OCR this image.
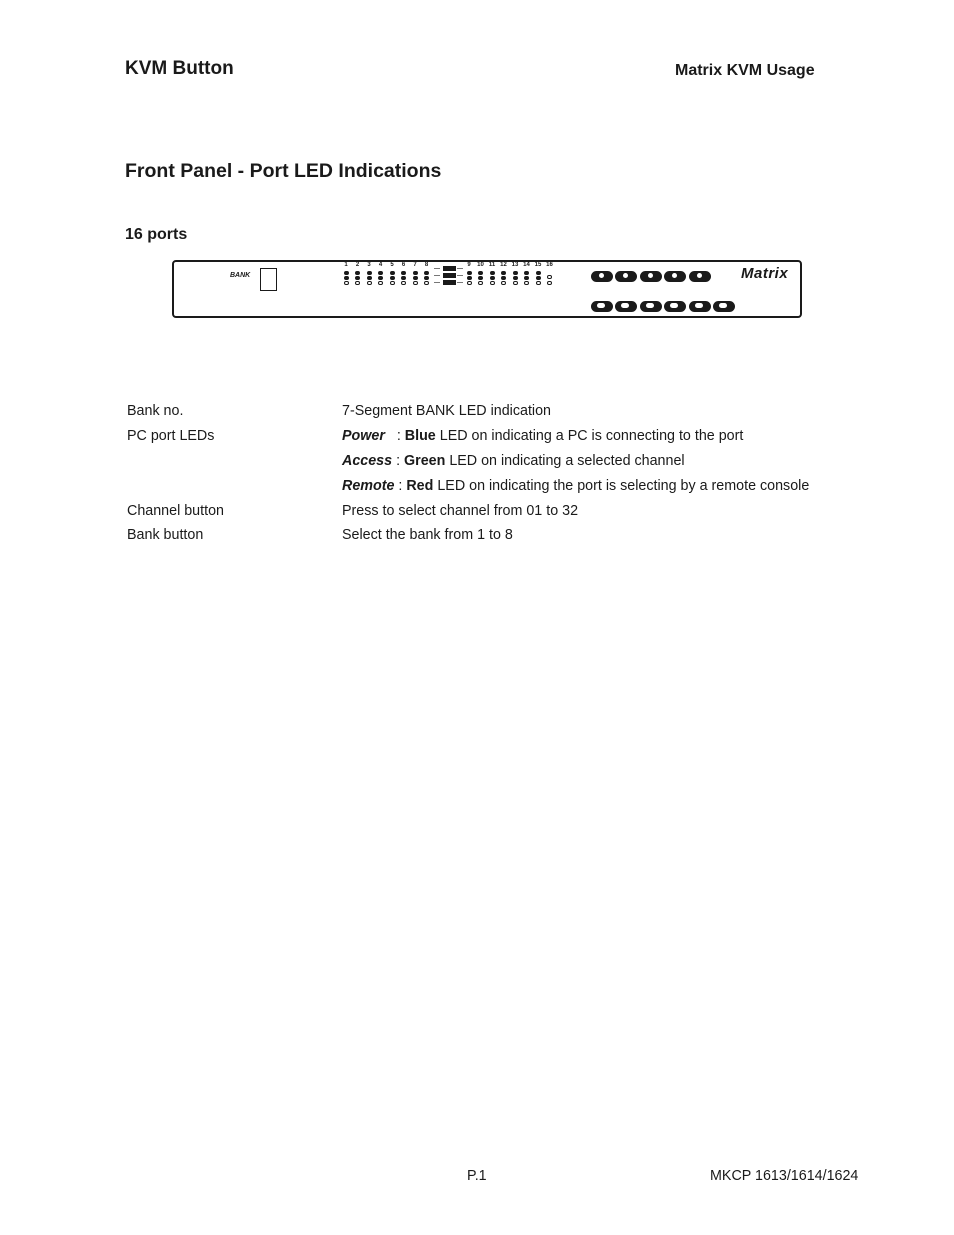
KVM Button	Matrix KVM Usage
Front Panel - Port LED Indications
16 ports
BANK
1	2	3	4	5	6	7	8	9	10 11 12 13 14 15 16	Matrix
Bank no.	7-Segment BANK LED indication
PC port LEDs	Power   : Blue LED on indicating a PC is connecting to the port
Access : Green LED on indicating a selected channel
Remote : Red LED on indicating the port is selecting by a remote console
Channel button	Press to select channel from 01 to 32
Bank button	Select the bank from 1 to 8
P.1	MKCP 1613/1614/1624
